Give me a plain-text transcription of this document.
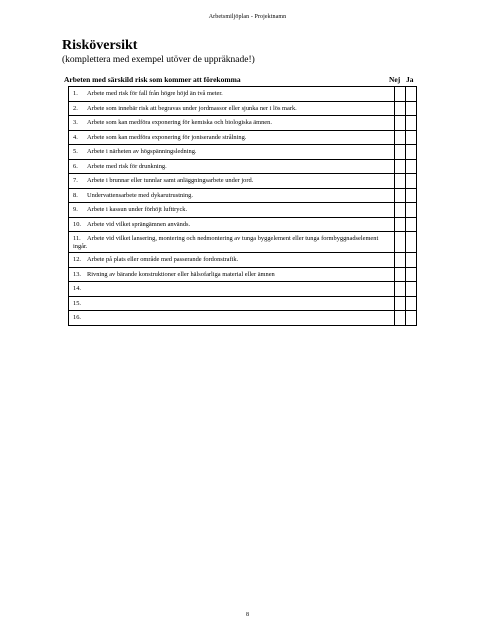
Arbetsmiljöplan - Projektnamn
Risköversikt
(komplettera med exempel utöver de uppräknade!)
Arbeten med särskild risk som kommer att förekomma	Nej Ja
1. Arbete med risk för fall från högre höjd än två meter.		
2. Arbete som innebär risk att begravas under jordmassor eller sjunka ner i lös mark.		
3. Arbete som kan medföra exponering för kemiska och biologiska ämnen.		
4. Arbete som kan medföra exponering för joniserande strålning.		
5. Arbete i närheten av högspänningsledning.		
6. Arbete med risk för drunkning.		
7. Arbete i brunnar eller tunnlar samt anläggningsarbete under jord.		
8. Undervattensarbete med dykarutrustning.		
9. Arbete i kassun under förhöjt lufttryck.		
10. Arbete vid vilket sprängämnen används.		
11. Arbete vid vilket lansering, montering och nedmontering av tunga byggelement eller tunga formbyggnadselement ingår.		
12. Arbete på plats eller område med passerande fordonstrafik.		
13. Rivning av bärande konstruktioner eller hälsofarliga material eller ämnen		
14.		
15.		
16.		
8
